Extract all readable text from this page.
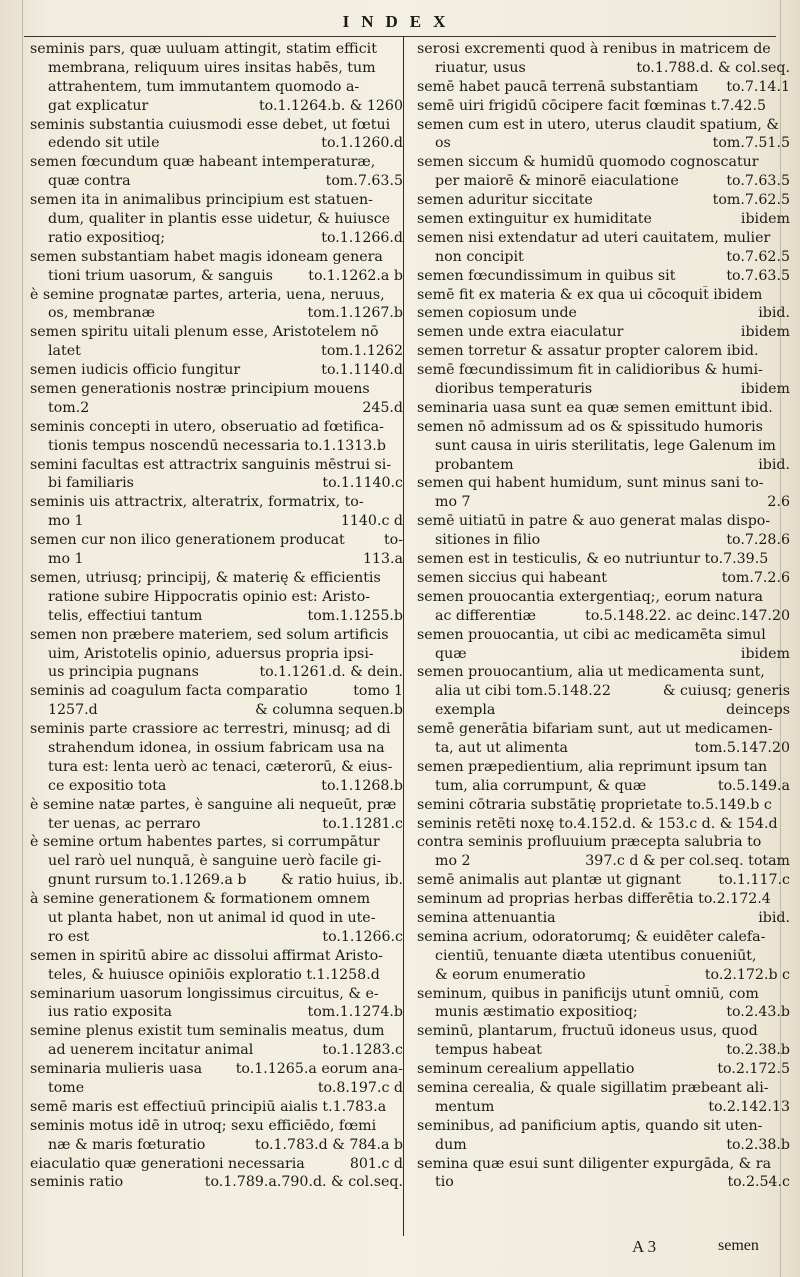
INDEX
seminis pars, quæ uuluam attingit, statim efficit
membrana, reliquum uires insitas habēs, tum
attrahentem, tum immutantem quomodo a-
to.1.1264.b. & 1260
gat explicatur
seminis substantia cuiusmodi esse debet, ut fœtui
to.1.1260.d
edendo sit utile
semen fœcundum quæ habeant intemperaturæ,
tom.7.63.5
quæ contra
semen ita in animalibus principium est statuen-
dum, qualiter in plantis esse uidetur, & huiusce
to.1.1266.d
ratio expositioq;
semen substantiam habet magis idoneam genera
to.1.1262.a b
tioni trium uasorum, & sanguis
è semine prognatæ partes, arteria, uena, neruus,
tom.1.1267.b
os, membranæ
semen spiritu uitali plenum esse, Aristotelem nō
tom.1.1262
latet
to.1.1140.d
semen iudicis officio fungitur
semen generationis nostræ principium mouens
245.d
tom.2
seminis concepti in utero, obseruatio ad fœtifica-
tionis tempus noscendū necessaria to.1.1313.b
semini facultas est attractrix sanguinis mēstrui si-
to.1.1140.c
bi familiaris
seminis uis attractrix, alteratrix, formatrix, to-
1140.c d
mo 1
to-
semen cur non ilico generationem producat
113.a
mo 1
semen, utriusq; principij, & materię & efficientis
ratione subire Hippocratis opinio est: Aristo-
tom.1.1255.b
telis, effectiui tantum
semen non præbere materiem, sed solum artificis
uim, Aristotelis opinio, aduersus propria ipsi-
to.1.1261.d. & dein.
us principia pugnans
tomo 1
seminis ad coagulum facta comparatio
& columna sequen.b
1257.d
seminis parte crassiore ac terrestri, minusq; ad di
strahendum idonea, in ossium fabricam usa na
tura est: lenta uerò ac tenaci, cæterorū, & eius-
to.1.1268.b
ce expositio tota
è semine natæ partes, è sanguine ali nequeūt, præ
to.1.1281.c
ter uenas, ac perraro
è semine ortum habentes partes, si corrumpātur
uel rarò uel nunquā, è sanguine uerò facile gi-
& ratio huius, ib.
gnunt rursum to.1.1269.a b
à semine generationem & formationem omnem
ut planta habet, non ut animal id quod in ute-
to.1.1266.c
ro est
semen in spiritū abire ac dissolui affirmat Aristo-
teles, & huiusce opiniōis exploratio t.1.1258.d
seminarium uasorum longissimus circuitus, & e-
tom.1.1274.b
ius ratio exposita
semine plenus existit tum seminalis meatus, dum
to.1.1283.c
ad uenerem incitatur animal
to.1.1265.a eorum ana-
seminaria mulieris uasa
to.8.197.c d
tome
semē maris est effectiuū principiū aialis t.1.783.a
seminis motus idē in utroq; sexu efficiēdo, fœmi
to.1.783.d & 784.a b
næ & maris fœturatio
801.c d
eiaculatio quæ generationi necessaria
to.1.789.a.790.d. & col.seq.
seminis ratio
serosi excrementi quod à renibus in matricem de
to.1.788.d. & col.seq.
riuatur, usus
to.7.14.1
semē habet paucā terrenā substantiam
semē uiri frigidū cōcipere facit fœminas t.7.42.5
semen cum est in utero, uterus claudit spatium, &
tom.7.51.5
os
semen siccum & humidū quomodo cognoscatur
to.7.63.5
per maiorē & minorē eiaculatione
tom.7.62.5
semen aduritur siccitate
ibidem
semen extinguitur ex humiditate
semen nisi extendatur ad uteri cauitatem, mulier
to.7.62.5
non concipit
to.7.63.5
semen fœcundissimum in quibus sit
semē fit ex materia & ex qua ui cōcoquit̄ ibidem
ibid.
semen copiosum unde
ibidem
semen unde extra eiaculatur
semen torretur & assatur propter calorem ibid.
semē fœcundissimum fit in calidioribus & humi-
ibidem
dioribus temperaturis
seminaria uasa sunt ea quæ semen emittunt ibid.
semen nō admissum ad os & spissitudo humoris
sunt causa in uiris sterilitatis, lege Galenum im
ibid.
probantem
semen qui habent humidum, sunt minus sani to-
2.6
mo 7
semē uitiatū in patre & auo generat malas dispo-
to.7.28.6
sitiones in filio
semen est in testiculis, & eo nutriuntur to.7.39.5
tom.7.2.6
semen siccius qui habeant
semen prouocantia extergentiaq;, eorum natura
to.5.148.22. ac deinc.147.20
ac differentiæ
semen prouocantia, ut cibi ac medicamēta simul
ibidem
quæ
semen prouocantium, alia ut medicamenta sunt,
& cuiusq; generis
alia ut cibi tom.5.148.22
deinceps
exempla
semē generātia bifariam sunt, aut ut medicamen-
tom.5.147.20
ta, aut ut alimenta
semen præpedientium, alia reprimunt ipsum tan
to.5.149.a
tum, alia corrumpunt, & quæ
semini cōtraria substātię proprietate to.5.149.b c
seminis retēti noxę to.4.152.d. & 153.c d. & 154.d
contra seminis profluuium præcepta salubria to
397.c d & per col.seq. totam
mo 2
to.1.117.c
semē animalis aut plantæ ut gignant
seminum ad proprias herbas differētia to.2.172.4
ibid.
semina attenuantia
semina acrium, odoratorumq; & euidēter calefa-
cientiū, tenuante diæta utentibus conueniūt,
to.2.172.b c
& eorum enumeratio
seminum, quibus in panificijs utunt̄ omniū, com
to.2.43.b
munis æstimatio expositioq;
seminū, plantarum, fructuū idoneus usus, quod
to.2.38.b
tempus habeat
to.2.172.5
seminum cerealium appellatio
semina cerealia, & quale sigillatim præbeant ali-
to.2.142.13
mentum
seminibus, ad panificium aptis, quando sit uten-
to.2.38.b
dum
semina quæ esui sunt diligenter expurgāda, & ra
to.2.54.c
tio
A 3	semen
